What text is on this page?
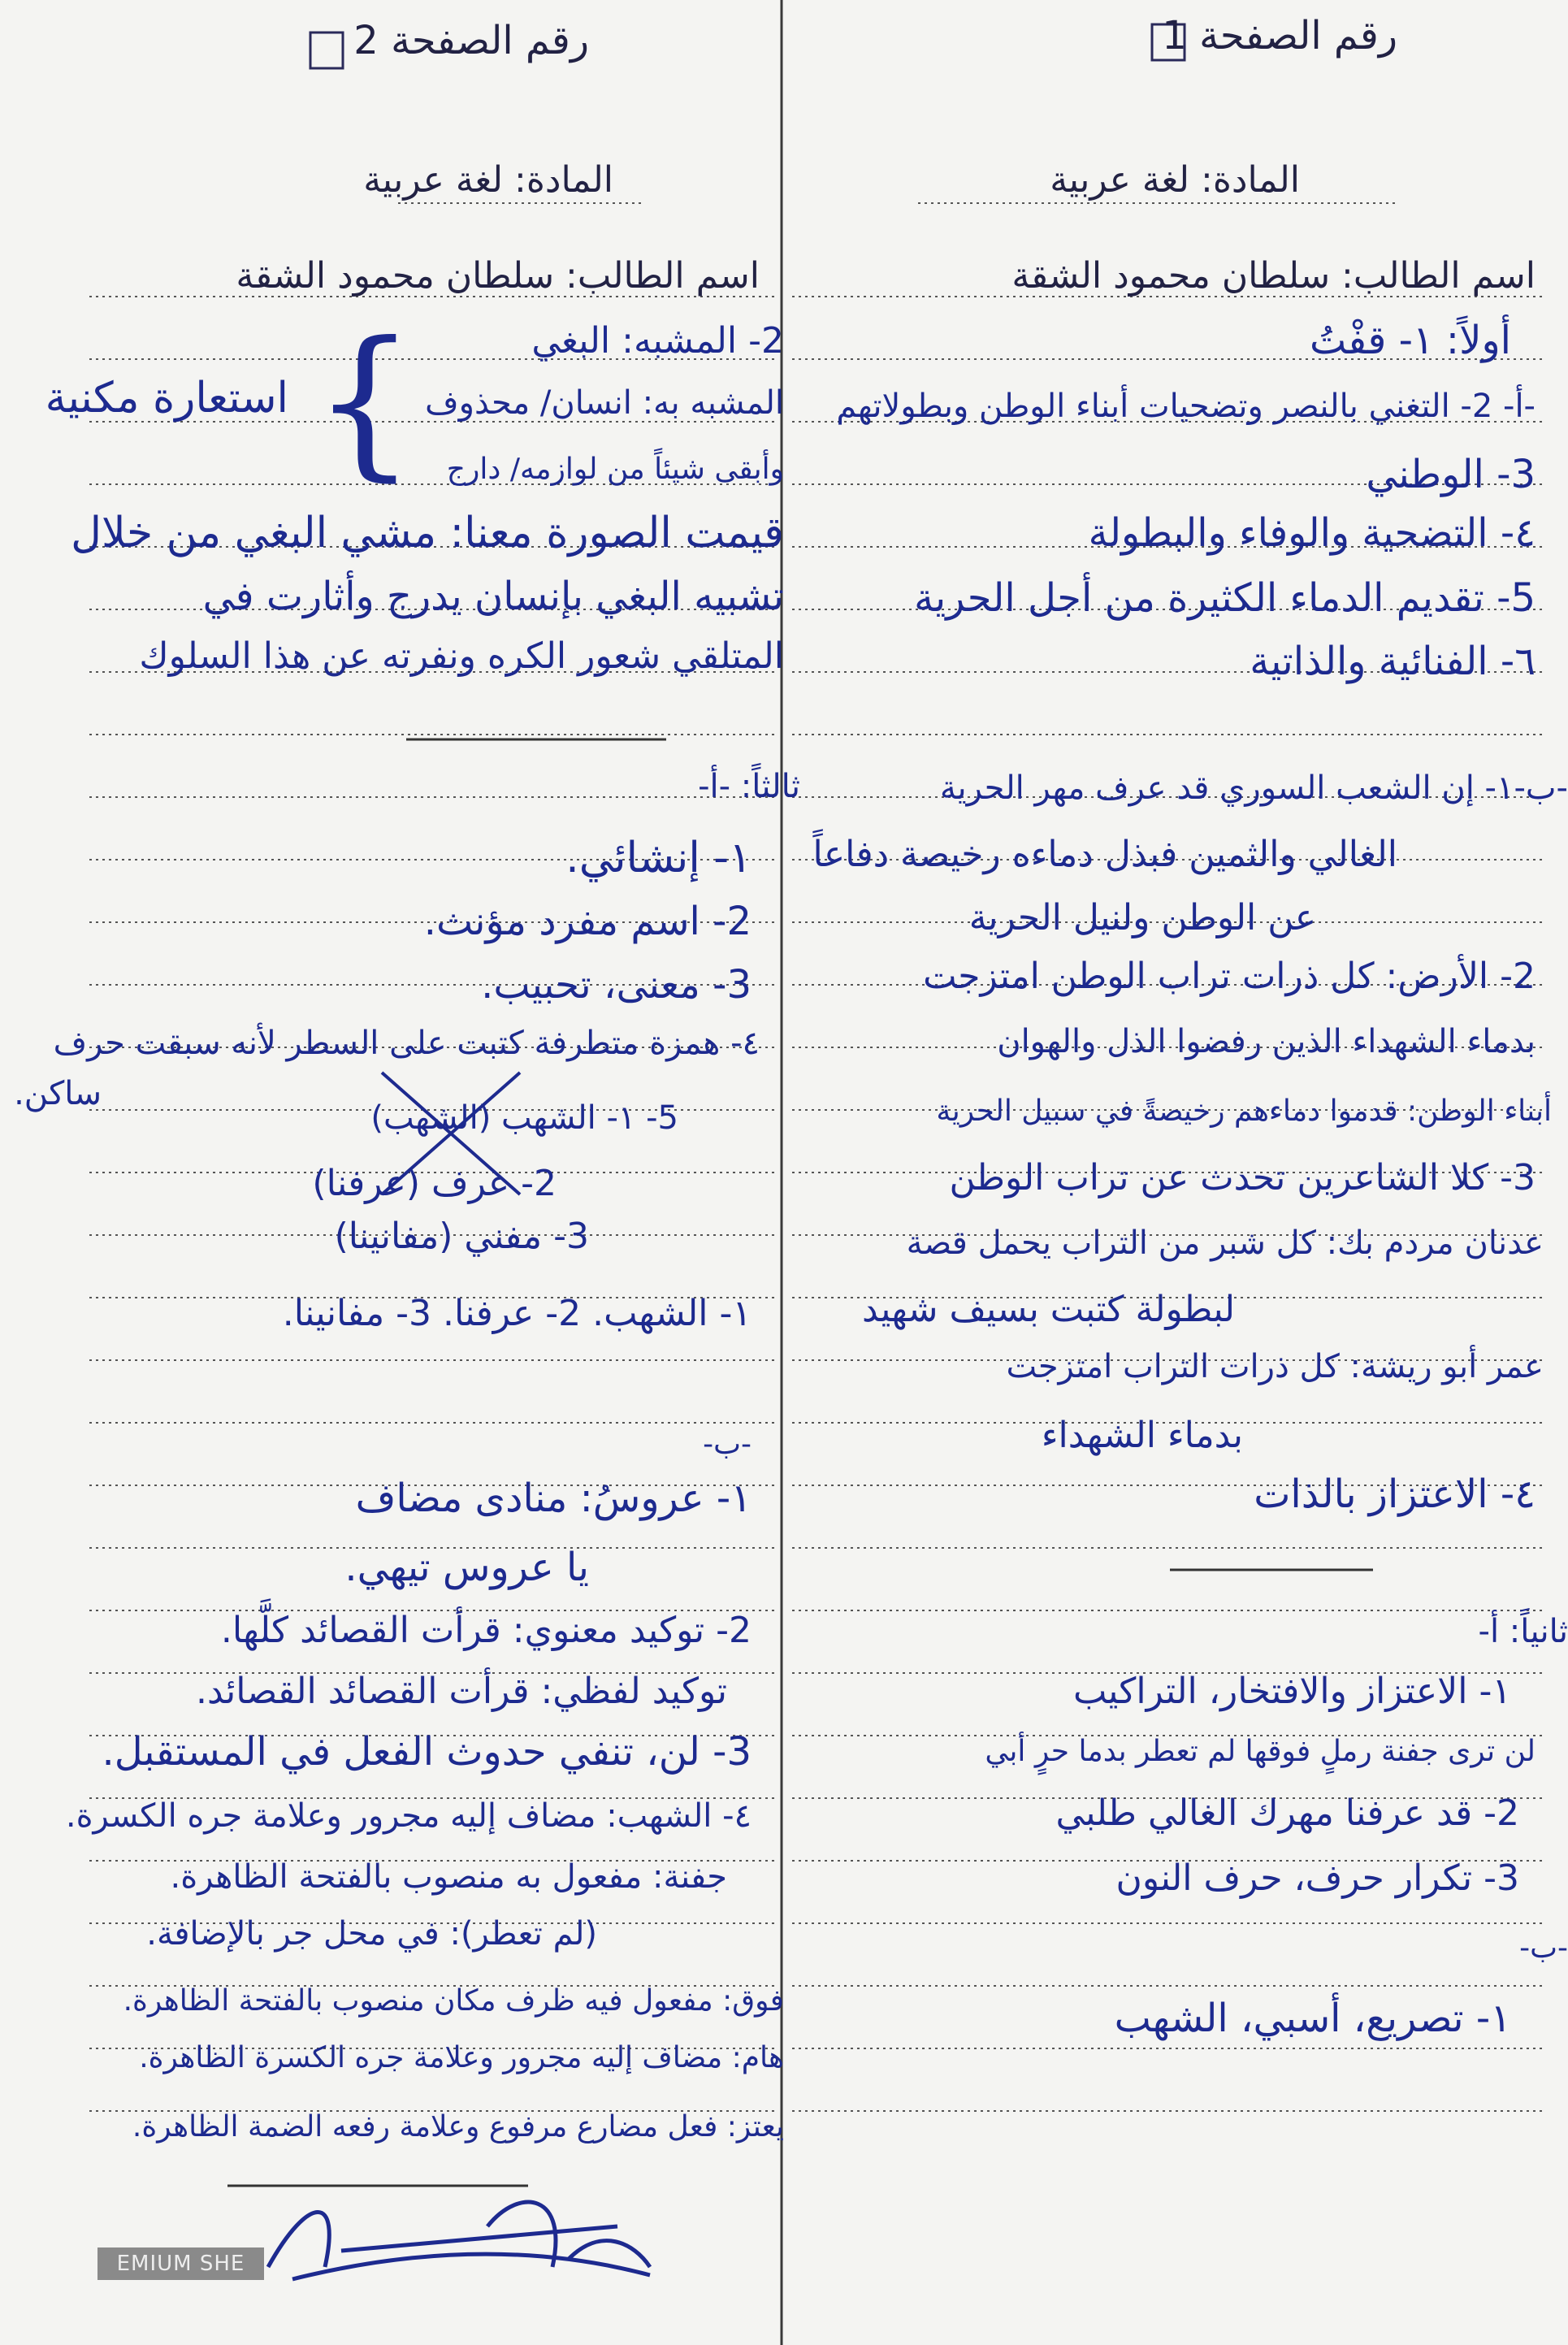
رقم الصفحة 1
المادة: لغة عربية
اسم الطالب: سلطان محمود الشقة
أولاً: ١- قفْتُ
-أ- 2- التغني بالنصر وتضحيات أبناء الوطن وبطولاتهم
3- الوطني
٤- التضحية والوفاء والبطولة
5- تقديم الدماء الكثيرة من أجل الحرية
٦- الفنائية والذاتية
-ب-١- إن الشعب السوري قد عرف مهر الحرية
الغالي والثمين فبذل دماءه رخيصة دفاعاً
عن الوطن ولنيل الحرية
2- الأرض: كل ذرات تراب الوطن امتزجت
بدماء الشهداء الذين رفضوا الذل والهوان
أبناء الوطن: قدموا دماءهم رخيصةً في سبيل الحرية
3- كلا الشاعرين تحدث عن تراب الوطن
عدنان مردم بك: كل شبر من التراب يحمل قصة
لبطولة كتبت بسيف شهيد
عمر أبو ريشة: كل ذرات التراب امتزجت
بدماء الشهداء
٤- الاعتزاز بالذات
ثانياً: أ-
١- الاعتزاز والافتخار، التراكيب
لن ترى جفنة رملٍ فوقها لم تعطر بدما حرٍ أبي
2- قد عرفنا مهرك الغالي طلبي
3- تكرار حرف، حرف النون
-ب-
١- تصريع، أسبي، الشهب
رقم الصفحة 2
المادة: لغة عربية
اسم الطالب: سلطان محمود الشقة
{	2- المشبه: البغي
المشبه به: انسان/ محذوف
وأبقى شيئاً من لوازمه/ دارج
استعارة مكنية
قيمت الصورة معنا: مشي البغي من خلال
تشبيه البغي بإنسان يدرج وأثارت في
المتلقي شعور الكره ونفرته عن هذا السلوك
ثالثاً: -أ-
١- إنشائي.
2- اسم مفرد مؤنث.
3- معنى، تحبيب.
٤- همزة متطرفة كتبت على السطر لأنه سبقت حرف
ساكن.
5- ١- الشهب (الشهب)
2- عرف (عرفنا)
3- مفني (مفانينا)
١- الشهب. 2- عرفنا. 3- مفانينا.
-ب-
١- عروسُ: منادى مضاف
يا عروس تيهي.
2- توكيد معنوي: قرأت القصائد كلَّها.
توكيد لفظي: قرأت القصائد القصائد.
3- لن، تنفي حدوث الفعل في المستقبل.
٤- الشهب: مضاف إليه مجرور وعلامة جره الكسرة.
جفنة: مفعول به منصوب بالفتحة الظاهرة.
(لم تعطر): في محل جر بالإضافة.
فوق: مفعول فيه ظرف مكان منصوب بالفتحة الظاهرة.
هام: مضاف إليه مجرور وعلامة جره الكسرة الظاهرة.
يعتز: فعل مضارع مرفوع وعلامة رفعه الضمة الظاهرة.
EMIUM SHE
